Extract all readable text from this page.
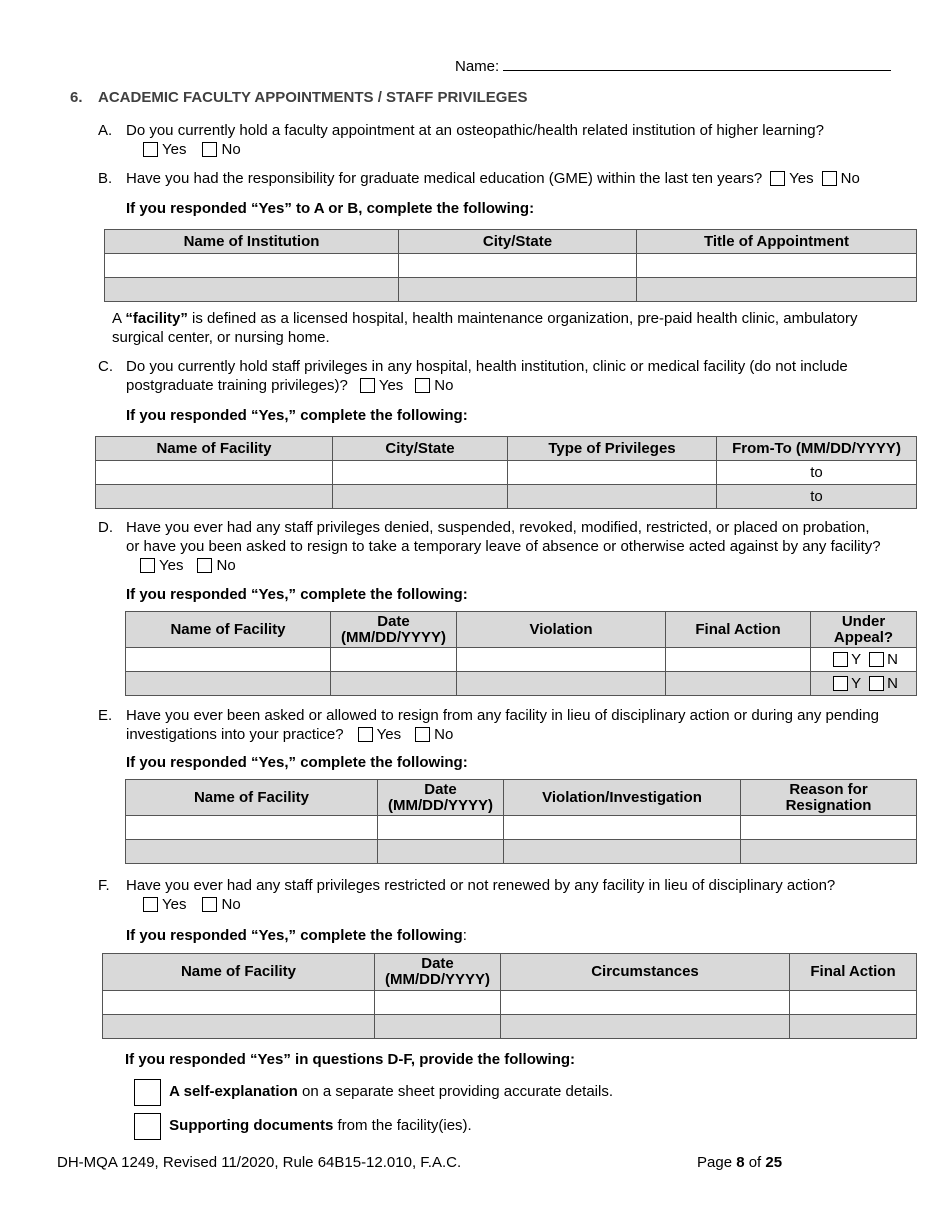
Name:
6. ACADEMIC FACULTY APPOINTMENTS / STAFF PRIVILEGES
A. Do you currently hold a faculty appointment at an osteopathic/health related institution of higher learning?
Yes No
B. Have you had the responsibility for graduate medical education (GME) within the last ten years? Yes No
If you responded “Yes” to A or B, complete the following:
Name of Institution	City/State	Title of Appointment

A “facility” is defined as a licensed hospital, health maintenance organization, pre-paid health clinic, ambulatory surgical center, or nursing home.
C. Do you currently hold staff privileges in any hospital, health institution, clinic or medical facility (do not include postgraduate training privileges)? Yes No
If you responded “Yes,” complete the following:
Name of Facility	City/State	Type of Privileges	From-To (MM/DD/YYYY)
			to
			to
D. Have you ever had any staff privileges denied, suspended, revoked, modified, restricted, or placed on probation, or have you been asked to resign to take a temporary leave of absence or otherwise acted against by any facility?Yes No
If you responded “Yes,” complete the following:
Name of Facility	Date (MM/DD/YYYY)	Violation	Final Action	Under Appeal?
				Y N
				Y N
E. Have you ever been asked or allowed to resign from any facility in lieu of disciplinary action or during any pending investigations into your practice? Yes No
If you responded “Yes,” complete the following:
Name of Facility	Date (MM/DD/YYYY)	Violation/Investigation	Reason for Resignation

F. Have you ever had any staff privileges restricted or not renewed by any facility in lieu of disciplinary action?
Yes No
If you responded “Yes,” complete the following:
Name of Facility	Date (MM/DD/YYYY)	Circumstances	Final Action

If you responded “Yes” in questions D-F, provide the following:
A self-explanation on a separate sheet providing accurate details.
Supporting documents from the facility(ies).
DH-MQA 1249, Revised 11/2020, Rule 64B15-12.010, F.A.C.	Page 8 of 25
